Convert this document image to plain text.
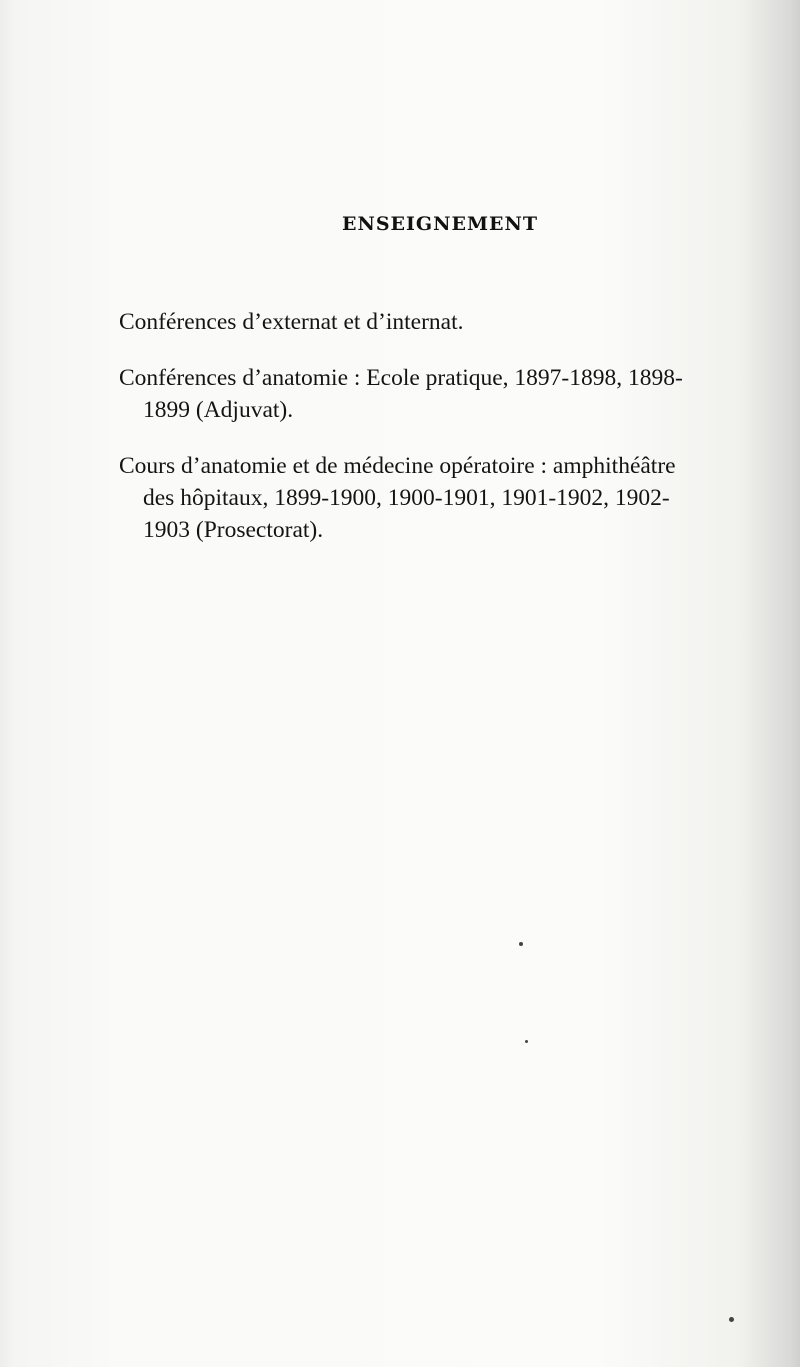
ENSEIGNEMENT
Conférences d’externat et d’internat.
Conférences d’anatomie : Ecole pratique, 1897-1898, 1898-
1899 (Adjuvat).
Cours d’anatomie et de médecine opératoire : amphithéâtre
des hôpitaux, 1899-1900, 1900-1901, 1901-1902, 1902-
1903 (Prosectorat).
